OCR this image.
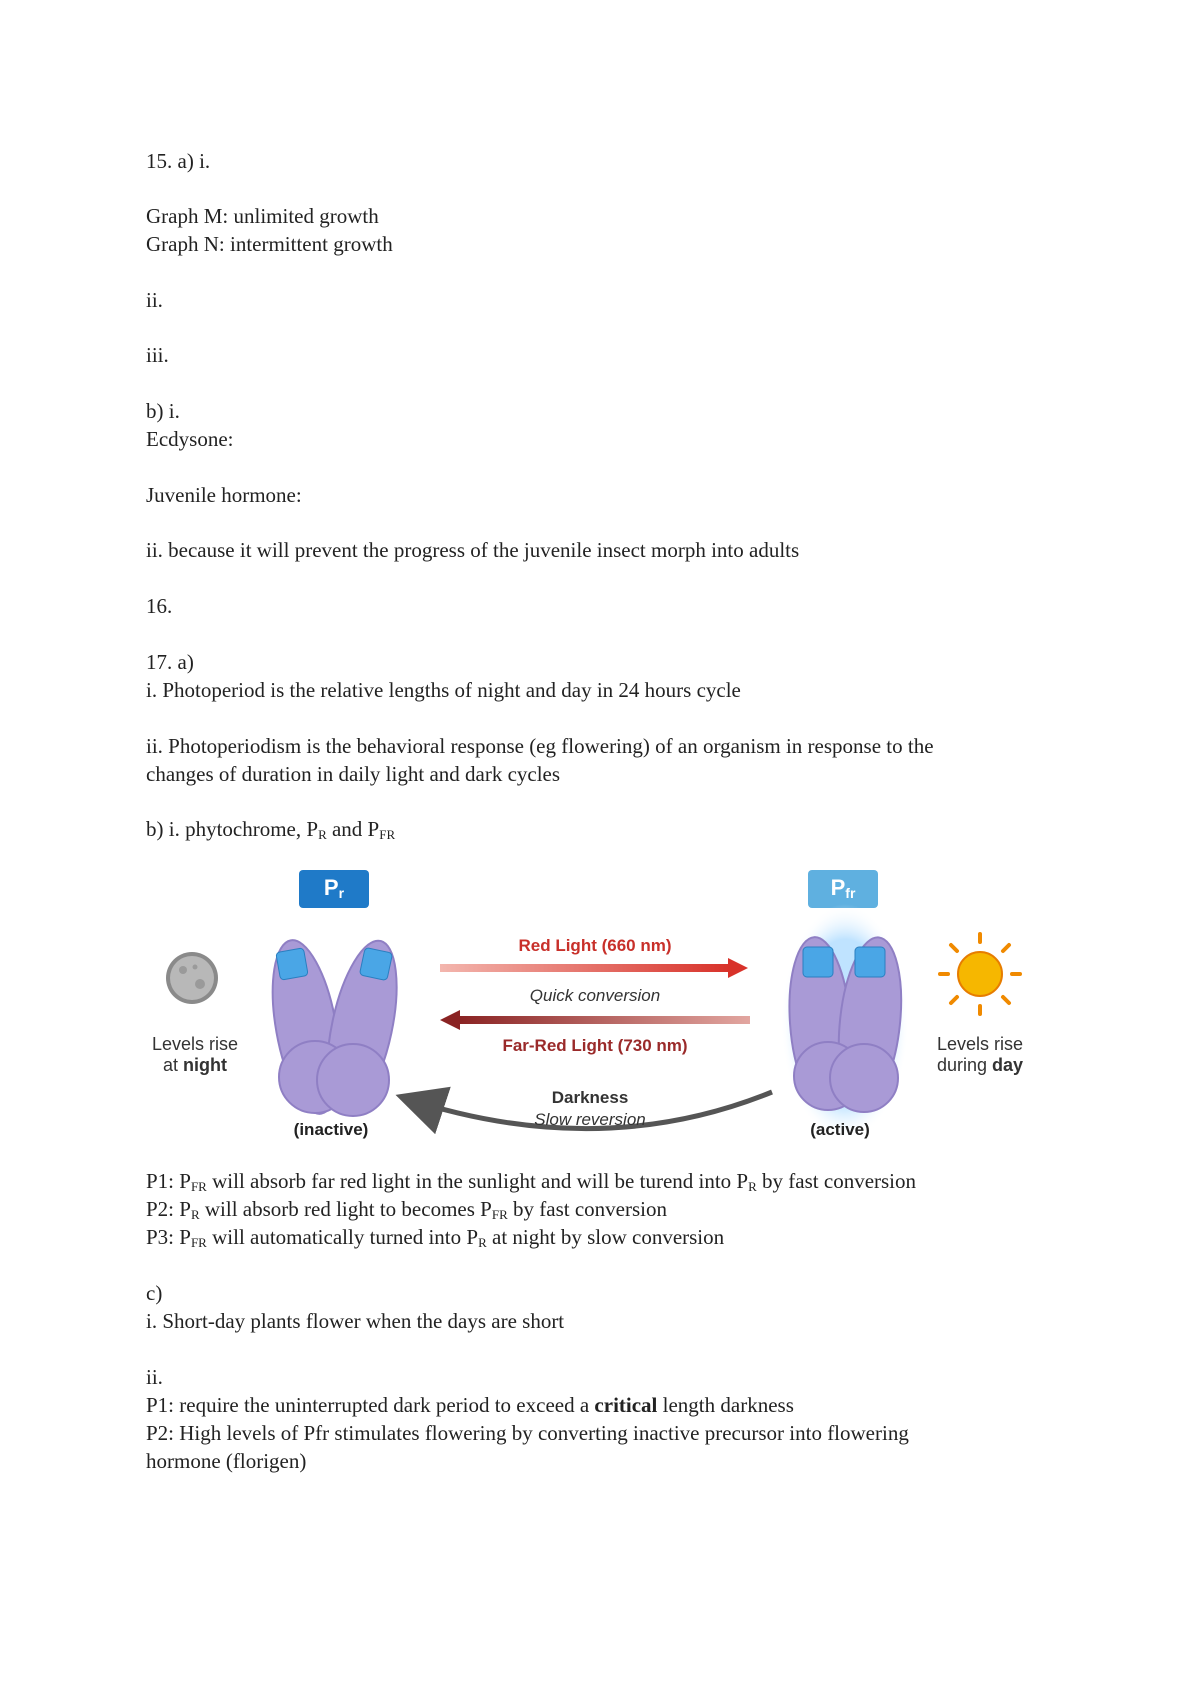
15. a) i.
Graph M: unlimited growth
Graph N: intermittent growth
ii.
iii.
b) i.
Ecdysone:
Juvenile hormone:
ii. because it will prevent the progress of the juvenile insect morph into adults
16.
17. a)
i. Photoperiod is the relative lengths of night and day in 24 hours cycle
ii. Photoperiodism is the behavioral response (eg flowering) of an organism in response to the
changes of duration in daily light and dark cycles
b) i. phytochrome, $P_R$ and $P_{FR}$
$P_r$	$P_{fr}$
Red Light (660 nm)
Quick conversion
Far-Red Light (730 nm)
Darkness
Slow reversion
Levels rise
at night
Levels rise
during day
(inactive)	(active)
P1: $P_{FR}$ will absorb far red light in the sunlight and will be turend into $P_R$ by fast conversion
P2: $P_R$ will absorb red light to becomes $P_{FR}$ by fast conversion
P3: $P_{FR}$ will automatically turned into $P_R$ at night by slow conversion
c)
i. Short-day plants flower when the days are short
ii.
P1: require the uninterrupted dark period to exceed a critical length darkness
P2: High levels of Pfr stimulates flowering by converting inactive precursor into flowering
hormone (florigen)
